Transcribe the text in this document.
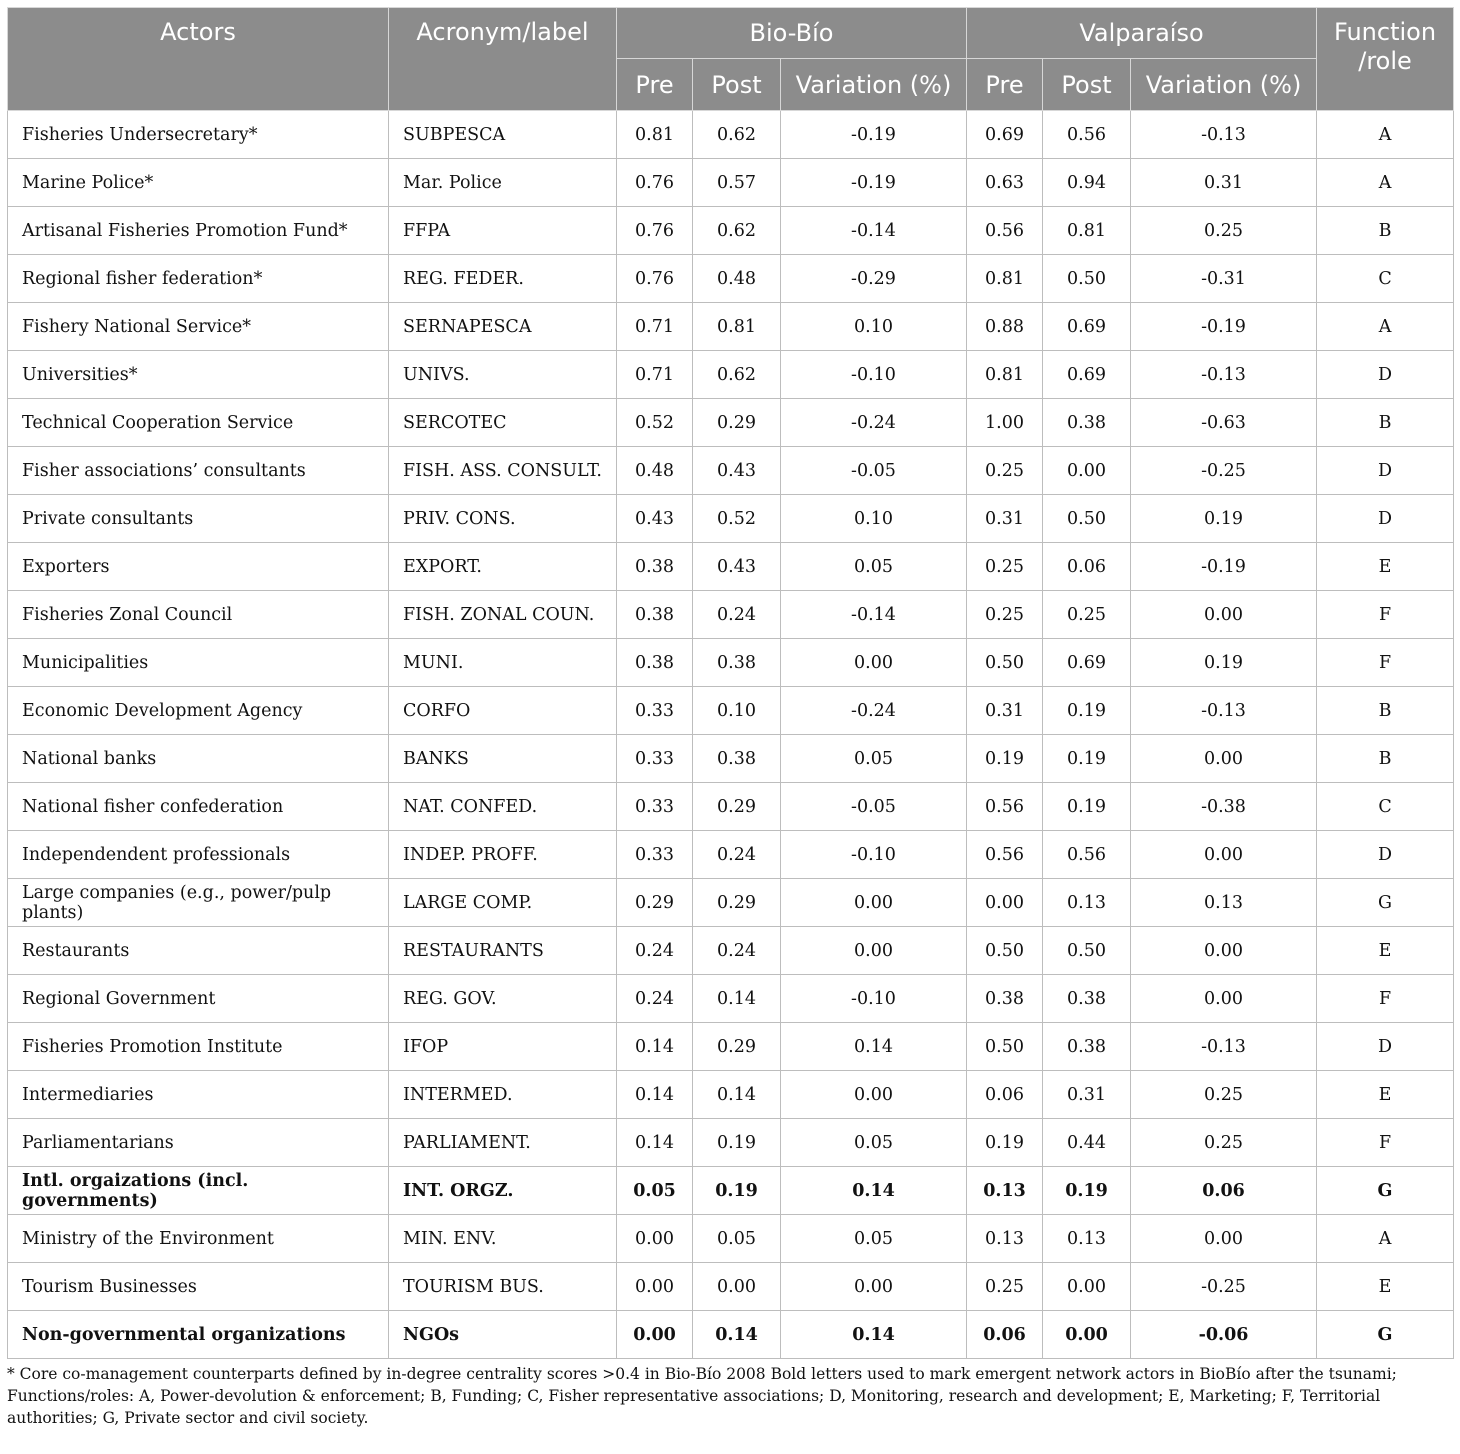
Actors	Acronym/label	Bio-Bío			Valparaíso			Function /role
		Pre	Post	Variation (%)	Pre	Post	Variation (%)	
Fisheries Undersecretary*	SUBPESCA	0.81	0.62	-0.19	0.69	0.56	-0.13	A
Marine Police*	Mar. Police	0.76	0.57	-0.19	0.63	0.94	0.31	A
Artisanal Fisheries Promotion Fund*	FFPA	0.76	0.62	-0.14	0.56	0.81	0.25	B
Regional fisher federation*	REG. FEDER.	0.76	0.48	-0.29	0.81	0.50	-0.31	C
Fishery National Service*	SERNAPESCA	0.71	0.81	0.10	0.88	0.69	-0.19	A
Universities*	UNIVS.	0.71	0.62	-0.10	0.81	0.69	-0.13	D
Technical Cooperation Service	SERCOTEC	0.52	0.29	-0.24	1.00	0.38	-0.63	B
Fisher associations’ consultants	FISH. ASS. CONSULT.	0.48	0.43	-0.05	0.25	0.00	-0.25	D
Private consultants	PRIV. CONS.	0.43	0.52	0.10	0.31	0.50	0.19	D
Exporters	EXPORT.	0.38	0.43	0.05	0.25	0.06	-0.19	E
Fisheries Zonal Council	FISH. ZONAL COUN.	0.38	0.24	-0.14	0.25	0.25	0.00	F
Municipalities	MUNI.	0.38	0.38	0.00	0.50	0.69	0.19	F
Economic Development Agency	CORFO	0.33	0.10	-0.24	0.31	0.19	-0.13	B
National banks	BANKS	0.33	0.38	0.05	0.19	0.19	0.00	B
National fisher confederation	NAT. CONFED.	0.33	0.29	-0.05	0.56	0.19	-0.38	C
Independendent professionals	INDEP. PROFF.	0.33	0.24	-0.10	0.56	0.56	0.00	D
Large companies (e.g., power/pulp plants)	LARGE COMP.	0.29	0.29	0.00	0.00	0.13	0.13	G
Restaurants	RESTAURANTS	0.24	0.24	0.00	0.50	0.50	0.00	E
Regional Government	REG. GOV.	0.24	0.14	-0.10	0.38	0.38	0.00	F
Fisheries Promotion Institute	IFOP	0.14	0.29	0.14	0.50	0.38	-0.13	D
Intermediaries	INTERMED.	0.14	0.14	0.00	0.06	0.31	0.25	E
Parliamentarians	PARLIAMENT.	0.14	0.19	0.05	0.19	0.44	0.25	F
Intl. orgaizations (incl. governments)	INT. ORGZ.	0.05	0.19	0.14	0.13	0.19	0.06	G
Ministry of the Environment	MIN. ENV.	0.00	0.05	0.05	0.13	0.13	0.00	A
Tourism Businesses	TOURISM BUS.	0.00	0.00	0.00	0.25	0.00	-0.25	E
Non-governmental organizations	NGOs	0.00	0.14	0.14	0.06	0.00	-0.06	G
* Core co-management counterparts defined by in-degree centrality scores >0.4 in Bio-Bío 2008 Bold letters used to mark emergent network actors in BioBío after the tsunami; Functions/roles: A, Power-devolution & enforcement; B, Funding; C, Fisher representative associations; D, Monitoring, research and development; E, Marketing; F, Territorial authorities; G, Private sector and civil society.
